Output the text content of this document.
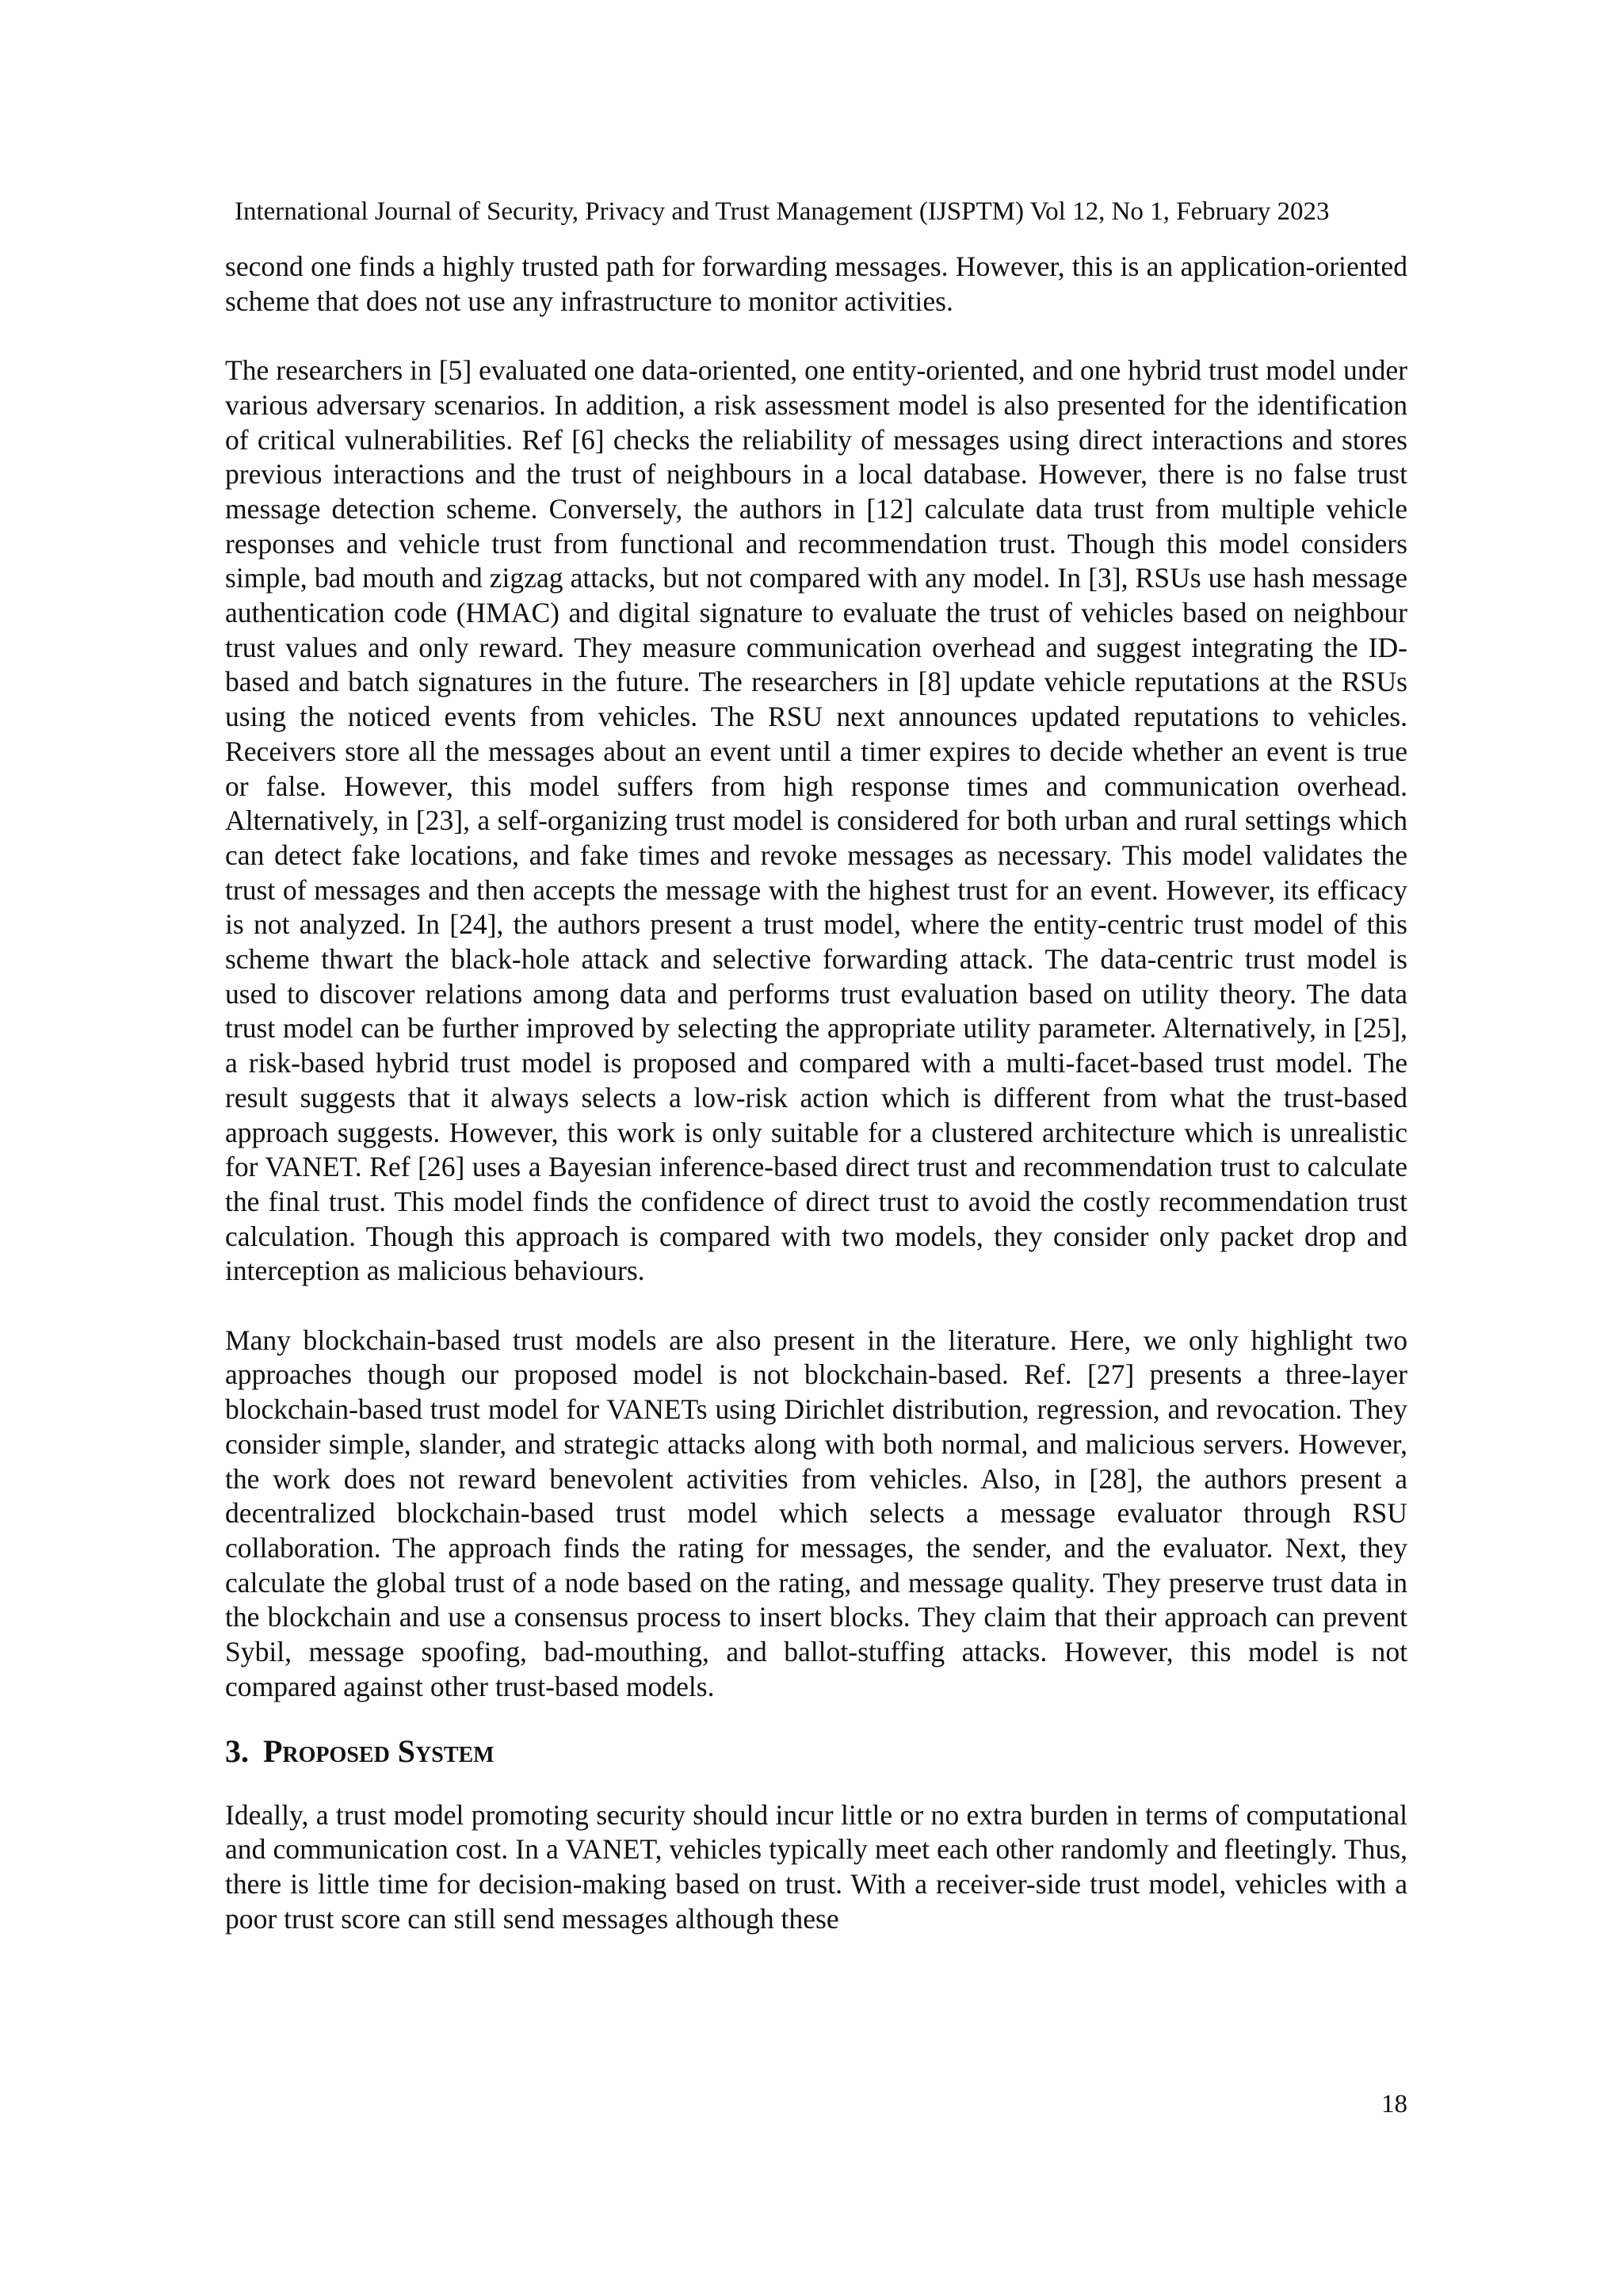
International Journal of Security, Privacy and Trust Management (IJSPTM) Vol 12, No 1, February 2023

second one finds a highly trusted path for forwarding messages. However, this is an application-oriented scheme that does not use any infrastructure to monitor activities.

The researchers in [5] evaluated one data-oriented, one entity-oriented, and one hybrid trust model under various adversary scenarios. In addition, a risk assessment model is also presented for the identification of critical vulnerabilities. Ref [6] checks the reliability of messages using direct interactions and stores previous interactions and the trust of neighbours in a local database. However, there is no false trust message detection scheme. Conversely, the authors in [12] calculate data trust from multiple vehicle responses and vehicle trust from functional and recommendation trust. Though this model considers simple, bad mouth and zigzag attacks, but not compared with any model. In [3], RSUs use hash message authentication code (HMAC) and digital signature to evaluate the trust of vehicles based on neighbour trust values and only reward. They measure communication overhead and suggest integrating the ID-based and batch signatures in the future. The researchers in [8] update vehicle reputations at the RSUs using the noticed events from vehicles. The RSU next announces updated reputations to vehicles. Receivers store all the messages about an event until a timer expires to decide whether an event is true or false. However, this model suffers from high response times and communication overhead. Alternatively, in [23], a self-organizing trust model is considered for both urban and rural settings which can detect fake locations, and fake times and revoke messages as necessary. This model validates the trust of messages and then accepts the message with the highest trust for an event. However, its efficacy is not analyzed. In [24], the authors present a trust model, where the entity-centric trust model of this scheme thwart the black-hole attack and selective forwarding attack. The data-centric trust model is used to discover relations among data and performs trust evaluation based on utility theory. The data trust model can be further improved by selecting the appropriate utility parameter. Alternatively, in [25], a risk-based hybrid trust model is proposed and compared with a multi-facet-based trust model. The result suggests that it always selects a low-risk action which is different from what the trust-based approach suggests. However, this work is only suitable for a clustered architecture which is unrealistic for VANET. Ref [26] uses a Bayesian inference-based direct trust and recommendation trust to calculate the final trust. This model finds the confidence of direct trust to avoid the costly recommendation trust calculation. Though this approach is compared with two models, they consider only packet drop and interception as malicious behaviours.

Many blockchain-based trust models are also present in the literature. Here, we only highlight two approaches though our proposed model is not blockchain-based. Ref. [27] presents a three-layer blockchain-based trust model for VANETs using Dirichlet distribution, regression, and revocation. They consider simple, slander, and strategic attacks along with both normal, and malicious servers. However, the work does not reward benevolent activities from vehicles. Also, in [28], the authors present a decentralized blockchain-based trust model which selects a message evaluator through RSU collaboration. The approach finds the rating for messages, the sender, and the evaluator. Next, they calculate the global trust of a node based on the rating, and message quality. They preserve trust data in the blockchain and use a consensus process to insert blocks. They claim that their approach can prevent Sybil, message spoofing, bad-mouthing, and ballot-stuffing attacks. However, this model is not compared against other trust-based models.

3. Proposed System

Ideally, a trust model promoting security should incur little or no extra burden in terms of computational and communication cost. In a VANET, vehicles typically meet each other randomly and fleetingly. Thus, there is little time for decision-making based on trust. With a receiver-side trust model, vehicles with a poor trust score can still send messages although these

18
